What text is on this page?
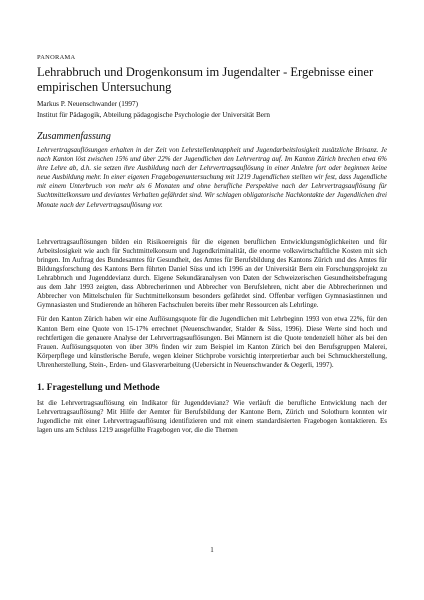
PANORAMA
Lehrabbruch und Drogenkonsum im Jugendalter - Ergebnisse einer empirischen Untersuchung
Markus P. Neuenschwander (1997)
Institut für Pädagogik, Abteilung pädagogische Psychologie der Universität Bern
Zusammenfassung
Lehrvertragsauflösungen erhalten in der Zeit von Lehrstellenknappheit und Jugendarbeitslosigkeit zusätzliche Brisanz. Je nach Kanton löst zwischen 15% und über 22% der Jugendlichen den Lehrvertrag auf. Im Kanton Zürich brechen etwa 6% ihre Lehre ab, d.h. sie setzen ihre Ausbildung nach der Lehrvertragsauflösung in einer Anlehre fort oder beginnen keine neue Ausbildung mehr. In einer eigenen Fragebogenuntersuchung mit 1219 Jugendlichen stellten wir fest, dass Jugendliche mit einem Unterbruch von mehr als 6 Monaten und ohne berufliche Perspektive nach der Lehrvertragsauflösung für Suchtmittelkonsum und deviantes Verhalten gefährdet sind. Wir schlagen obligatorische Nachkontakte der Jugendlichen drei Monate nach der Lehrvertragsauflösung vor.
Lehrvertragsauflösungen bilden ein Risikoereignis für die eigenen beruflichen Entwicklungsmöglichkeiten und für Arbeitslosigkeit wie auch für Suchtmittelkonsum und Jugendkriminalität, die enorme volkswirtschaftliche Kosten mit sich bringen. Im Auftrag des Bundesamtes für Gesundheit, des Amtes für Berufsbildung des Kantons Zürich und des Amtes für Bildungsforschung des Kantons Bern führten Daniel Süss und ich 1996 an der Universität Bern ein Forschungsprojekt zu Lehrabbruch und Jugenddevianz durch. Eigene Sekundäranalysen von Daten der Schweizerischen Gesundheitsbefragung aus dem Jahr 1993 zeigten, dass Abbrecherinnen und Abbrecher von Berufslehren, nicht aber die Abbrecherinnen und Abbrecher von Mittelschulen für Suchtmittelkonsum besonders gefährdet sind. Offenbar verfügen Gymnasiastinnen und Gymnasiasten und Studierende an höheren Fachschulen bereits über mehr Ressourcen als Lehrlinge.
Für den Kanton Zürich haben wir eine Auflösungsquote für die Jugendlichen mit Lehrbeginn 1993 von etwa 22%, für den Kanton Bern eine Quote von 15-17% errechnet (Neuenschwander, Stalder & Süss, 1996). Diese Werte sind hoch und rechtfertigen die genauere Analyse der Lehrvertragsauflösungen. Bei Männern ist die Quote tendenziell höher als bei den Frauen. Auflösungsquoten von über 30% finden wir zum Beispiel im Kanton Zürich bei den Berufsgruppen Malerei, Körperpflege und künstlerische Berufe, wegen kleiner Stichprobe vorsichtig interpretierbar auch bei Schmuckherstellung, Uhrenherstellung, Stein-, Erden- und Glasverarbeitung (Uebersicht in Neuenschwander & Oegerli, 1997).
1. Fragestellung und Methode
Ist die Lehrvertragsauflösung ein Indikator für Jugenddevianz? Wie verläuft die berufliche Entwicklung nach der Lehrvertragsauflösung? Mit Hilfe der Aemter für Berufsbildung der Kantone Bern, Zürich und Solothurn konnten wir Jugendliche mit einer Lehrvertragsauflösung identifizieren und mit einem standardisierten Fragebogen kontaktieren. Es lagen uns am Schluss 1219 ausgefüllte Fragebogen vor, die die Themen
1
